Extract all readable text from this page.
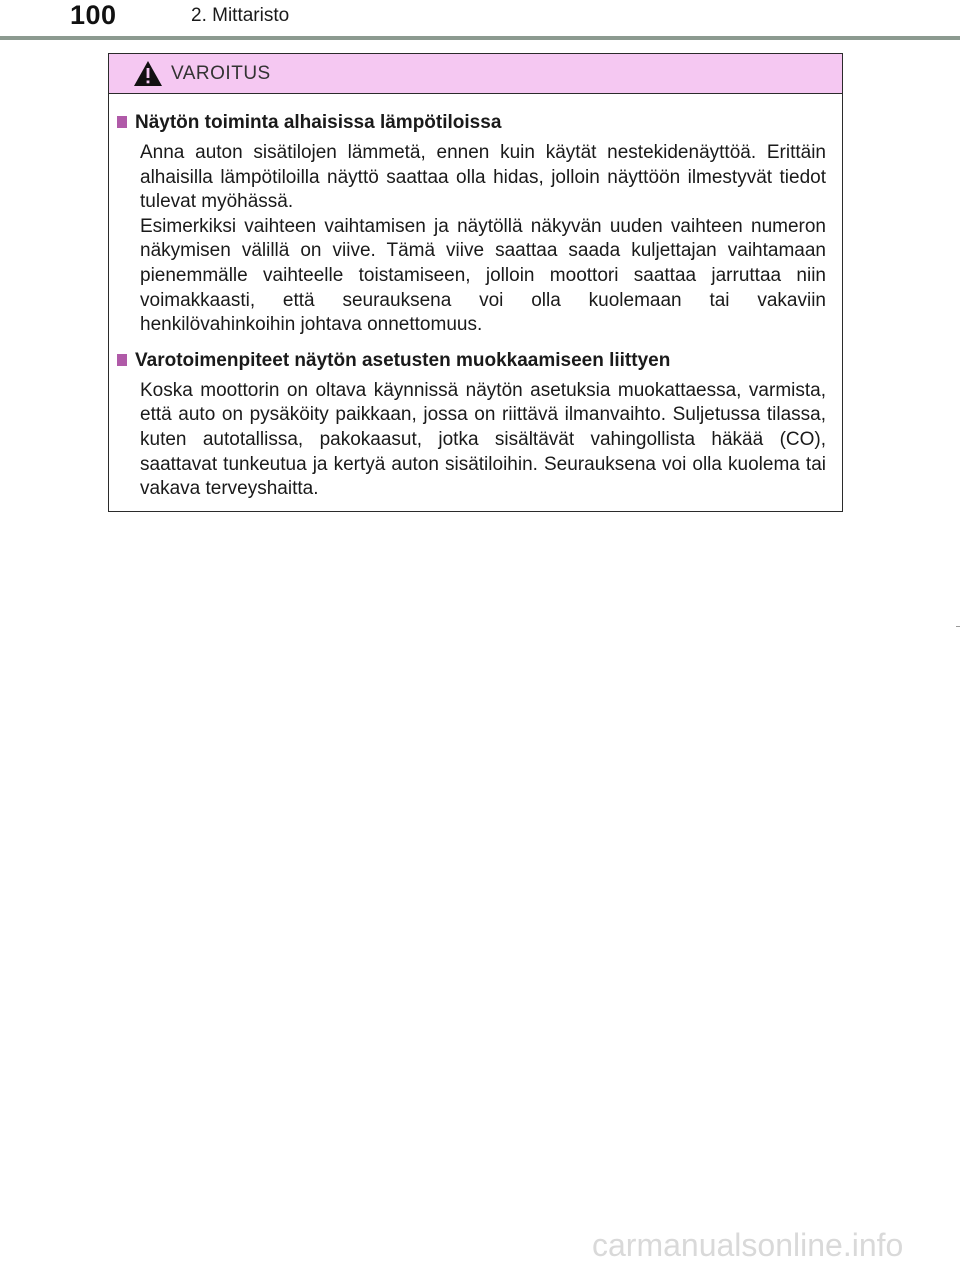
100	2. Mittaristo
VAROITUS
Näytön toiminta alhaisissa lämpötiloissa
Anna auton sisätilojen lämmetä, ennen kuin käytät nestekidenäyttöä. Erittäin alhaisilla lämpötiloilla näyttö saattaa olla hidas, jolloin näyttöön ilmestyvät tiedot tulevat myöhässä.
Esimerkiksi vaihteen vaihtamisen ja näytöllä näkyvän uuden vaihteen numeron näkymisen välillä on viive. Tämä viive saattaa saada kuljettajan vaihtamaan pienemmälle vaihteelle toistamiseen, jolloin moottori saattaa jarruttaa niin voimakkaasti, että seurauksena voi olla kuolemaan tai vakaviin henkilövahinkoihin johtava onnettomuus.
Varotoimenpiteet näytön asetusten muokkaamiseen liittyen
Koska moottorin on oltava käynnissä näytön asetuksia muokattaessa, varmista, että auto on pysäköity paikkaan, jossa on riittävä ilmanvaihto. Suljetussa tilassa, kuten autotallissa, pakokaasut, jotka sisältävät vahingollista häkää (CO), saattavat tunkeutua ja kertyä auton sisätiloihin. Seurauksena voi olla kuolema tai vakava terveyshaitta.
carmanualsonline.info
